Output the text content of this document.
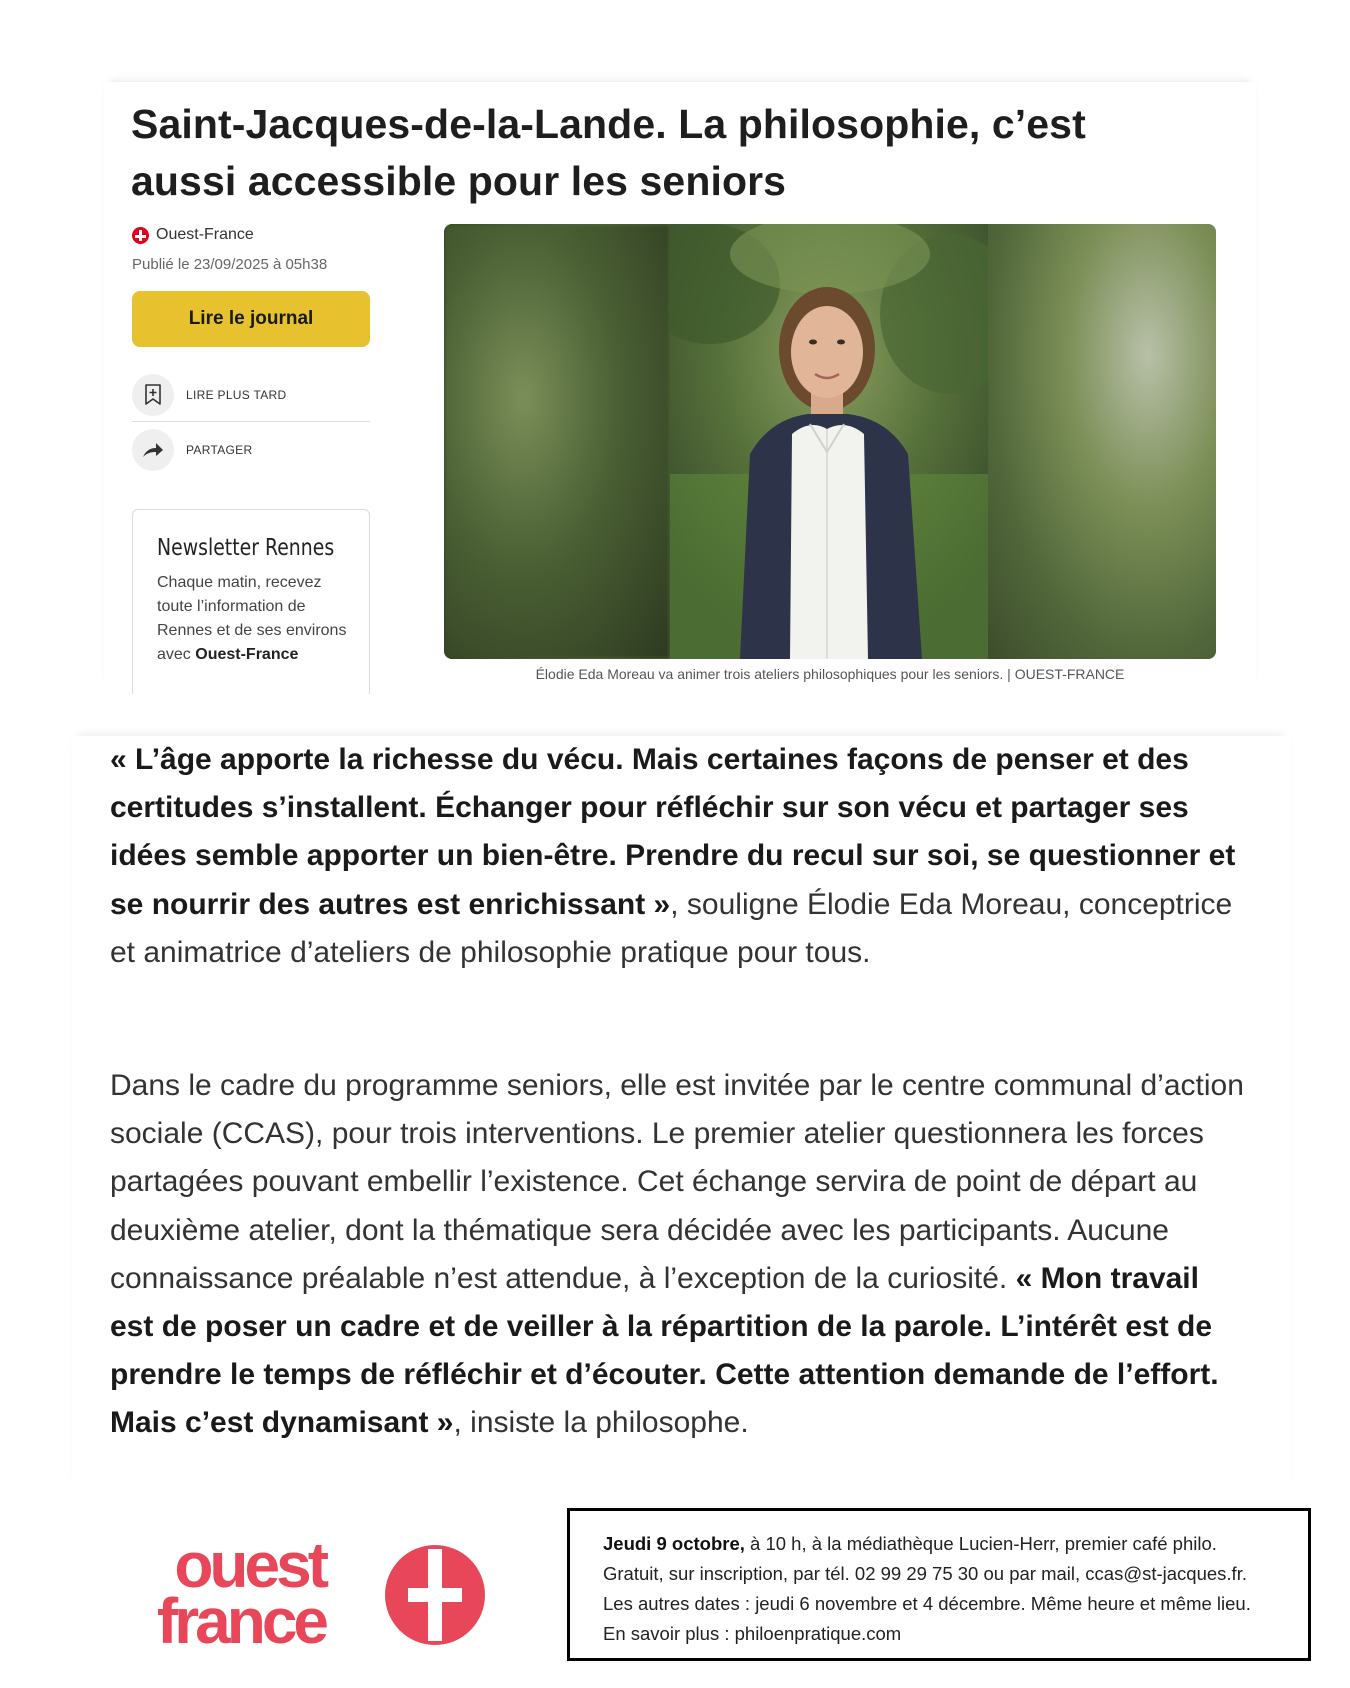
Saint-Jacques-de-la-Lande. La philosophie, c’est aussi accessible pour les seniors
Ouest-France
Publié le 23/09/2025 à 05h38
Lire le journal
LIRE PLUS TARD
PARTAGER
Newsletter Rennes
Chaque matin, recevez toute l’information de Rennes et de ses environs avec Ouest-France
Élodie Eda Moreau va animer trois ateliers philosophiques pour les seniors. | OUEST-FRANCE

« L’âge apporte la richesse du vécu. Mais certaines façons de penser et des certitudes s’installent. Échanger pour réfléchir sur son vécu et partager ses idées semble apporter un bien-être. Prendre du recul sur soi, se questionner et se nourrir des autres est enrichissant », souligne Élodie Eda Moreau, conceptrice et animatrice d’ateliers de philosophie pratique pour tous.

Dans le cadre du programme seniors, elle est invitée par le centre communal d’action sociale (CCAS), pour trois interventions. Le premier atelier questionnera les forces partagées pouvant embellir l’existence. Cet échange servira de point de départ au deuxième atelier, dont la thématique sera décidée avec les participants. Aucune connaissance préalable n’est attendue, à l’exception de la curiosité. « Mon travail est de poser un cadre et de veiller à la répartition de la parole. L’intérêt est de prendre le temps de réfléchir et d’écouter. Cette attention demande de l’effort. Mais c’est dynamisant », insiste la philosophe.

ouest
france
Jeudi 9 octobre, à 10 h, à la médiathèque Lucien-Herr, premier café philo. Gratuit, sur inscription, par tél. 02 99 29 75 30 ou par mail, ccas@st-jacques.fr. Les autres dates : jeudi 6 novembre et 4 décembre. Même heure et même lieu. En savoir plus : philoenpratique.com
